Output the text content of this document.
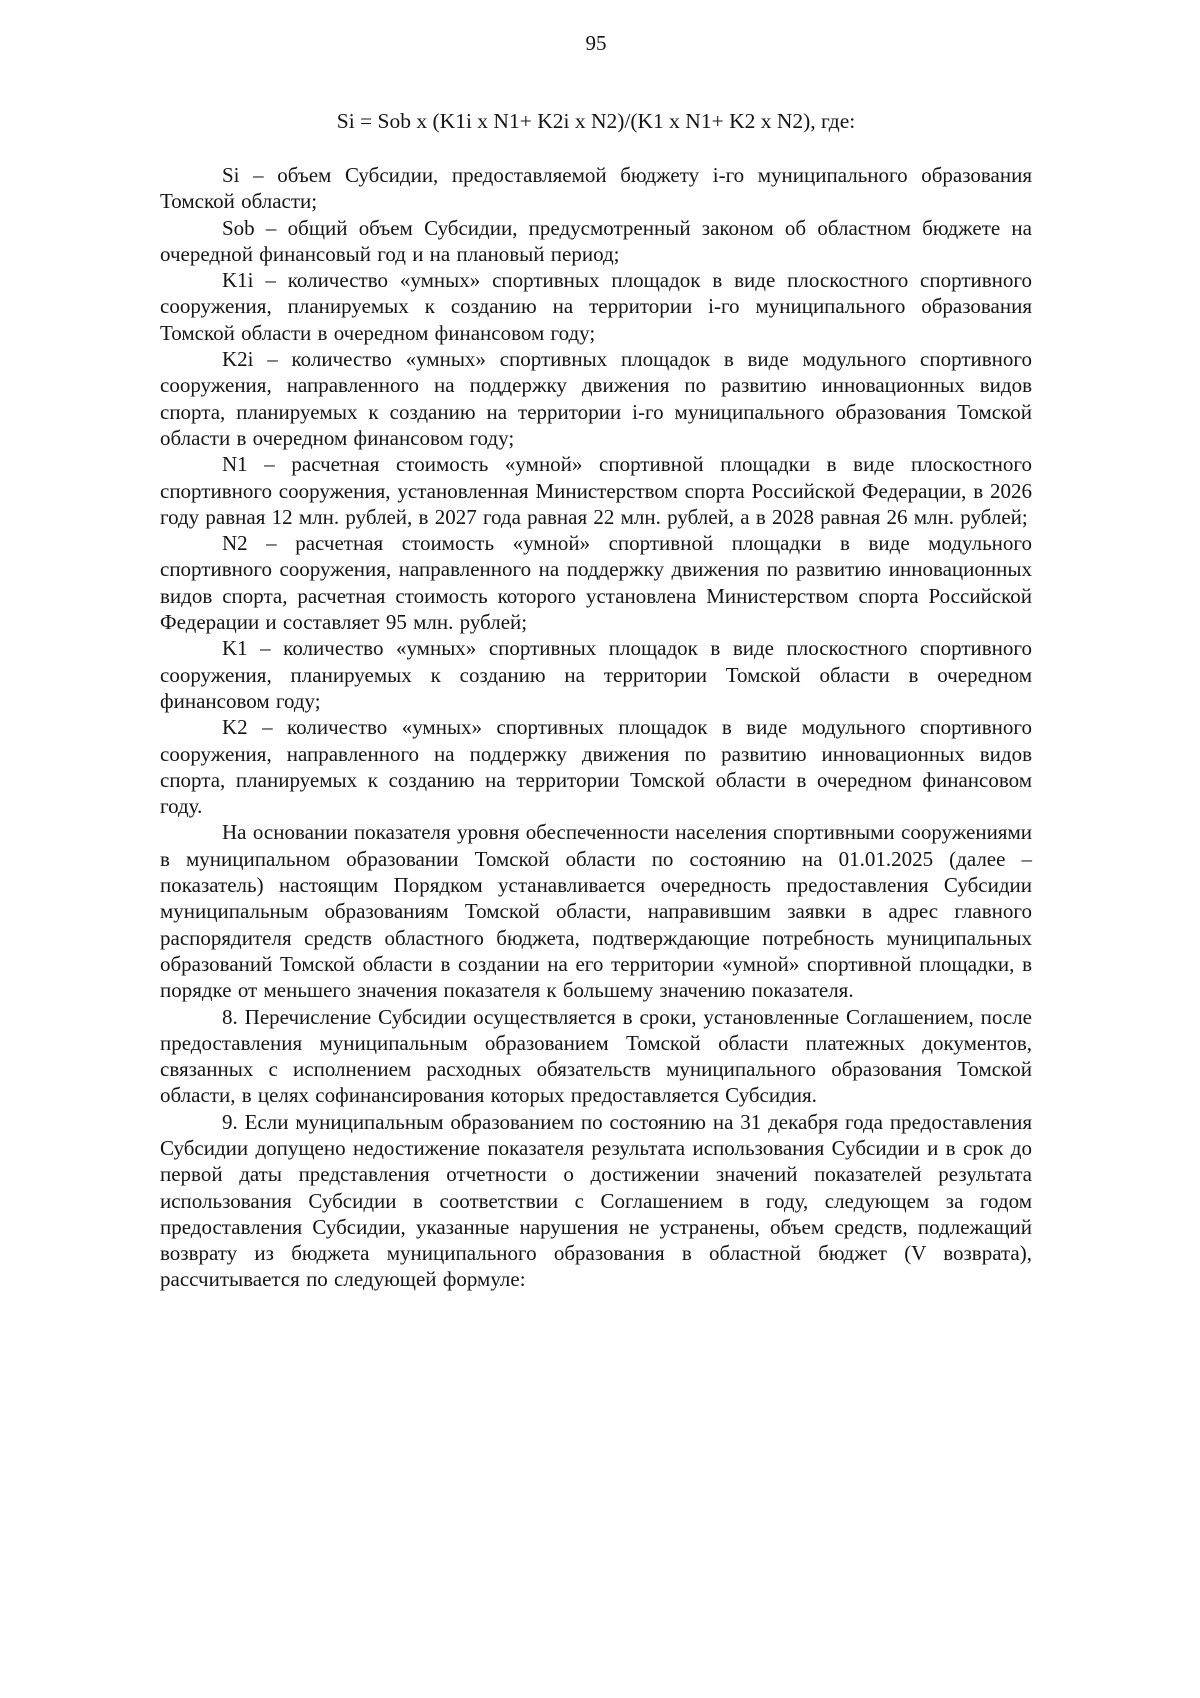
95
Si = Sob x (K1i x N1+ K2i x N2)/(K1 x N1+ K2 x N2), где:

Si – объем Субсидии, предоставляемой бюджету i-го муниципального образования Томской области;

Sob – общий объем Субсидии, предусмотренный законом об областном бюджете на очередной финансовый год и на плановый период;

K1i – количество «умных» спортивных площадок в виде плоскостного спортивного сооружения, планируемых к созданию на территории i-го муниципального образования Томской области в очередном финансовом году;

K2i – количество «умных» спортивных площадок в виде модульного спортивного сооружения, направленного на поддержку движения по развитию инновационных видов спорта, планируемых к созданию на территории i-го муниципального образования Томской области в очередном финансовом году;

N1 – расчетная стоимость «умной» спортивной площадки в виде плоскостного спортивного сооружения, установленная Министерством спорта Российской Федерации, в 2026 году равная 12 млн. рублей, в 2027 года равная 22 млн. рублей, а в 2028 равная 26 млн. рублей;

N2 – расчетная стоимость «умной» спортивной площадки в виде модульного спортивного сооружения, направленного на поддержку движения по развитию инновационных видов спорта, расчетная стоимость которого установлена Министерством спорта Российской Федерации и составляет 95 млн. рублей;

K1 – количество «умных» спортивных площадок в виде плоскостного спортивного сооружения, планируемых к созданию на территории Томской области в очередном финансовом году;

K2 – количество «умных» спортивных площадок в виде модульного спортивного сооружения, направленного на поддержку движения по развитию инновационных видов спорта, планируемых к созданию на территории Томской области в очередном финансовом году.

На основании показателя уровня обеспеченности населения спортивными сооружениями в муниципальном образовании Томской области по состоянию на 01.01.2025 (далее – показатель) настоящим Порядком устанавливается очередность предоставления Субсидии муниципальным образованиям Томской области, направившим заявки в адрес главного распорядителя средств областного бюджета, подтверждающие потребность муниципальных образований Томской области в создании на его территории «умной» спортивной площадки, в порядке от меньшего значения показателя к большему значению показателя.

8. Перечисление Субсидии осуществляется в сроки, установленные Соглашением, после предоставления муниципальным образованием Томской области платежных документов, связанных с исполнением расходных обязательств муниципального образования Томской области, в целях софинансирования которых предоставляется Субсидия.

9. Если муниципальным образованием по состоянию на 31 декабря года предоставления Субсидии допущено недостижение показателя результата использования Субсидии и в срок до первой даты представления отчетности о достижении значений показателей результата использования Субсидии в соответствии с Соглашением в году, следующем за годом предоставления Субсидии, указанные нарушения не устранены, объем средств, подлежащий возврату из бюджета муниципального образования в областной бюджет (V возврата), рассчитывается по следующей формуле:
